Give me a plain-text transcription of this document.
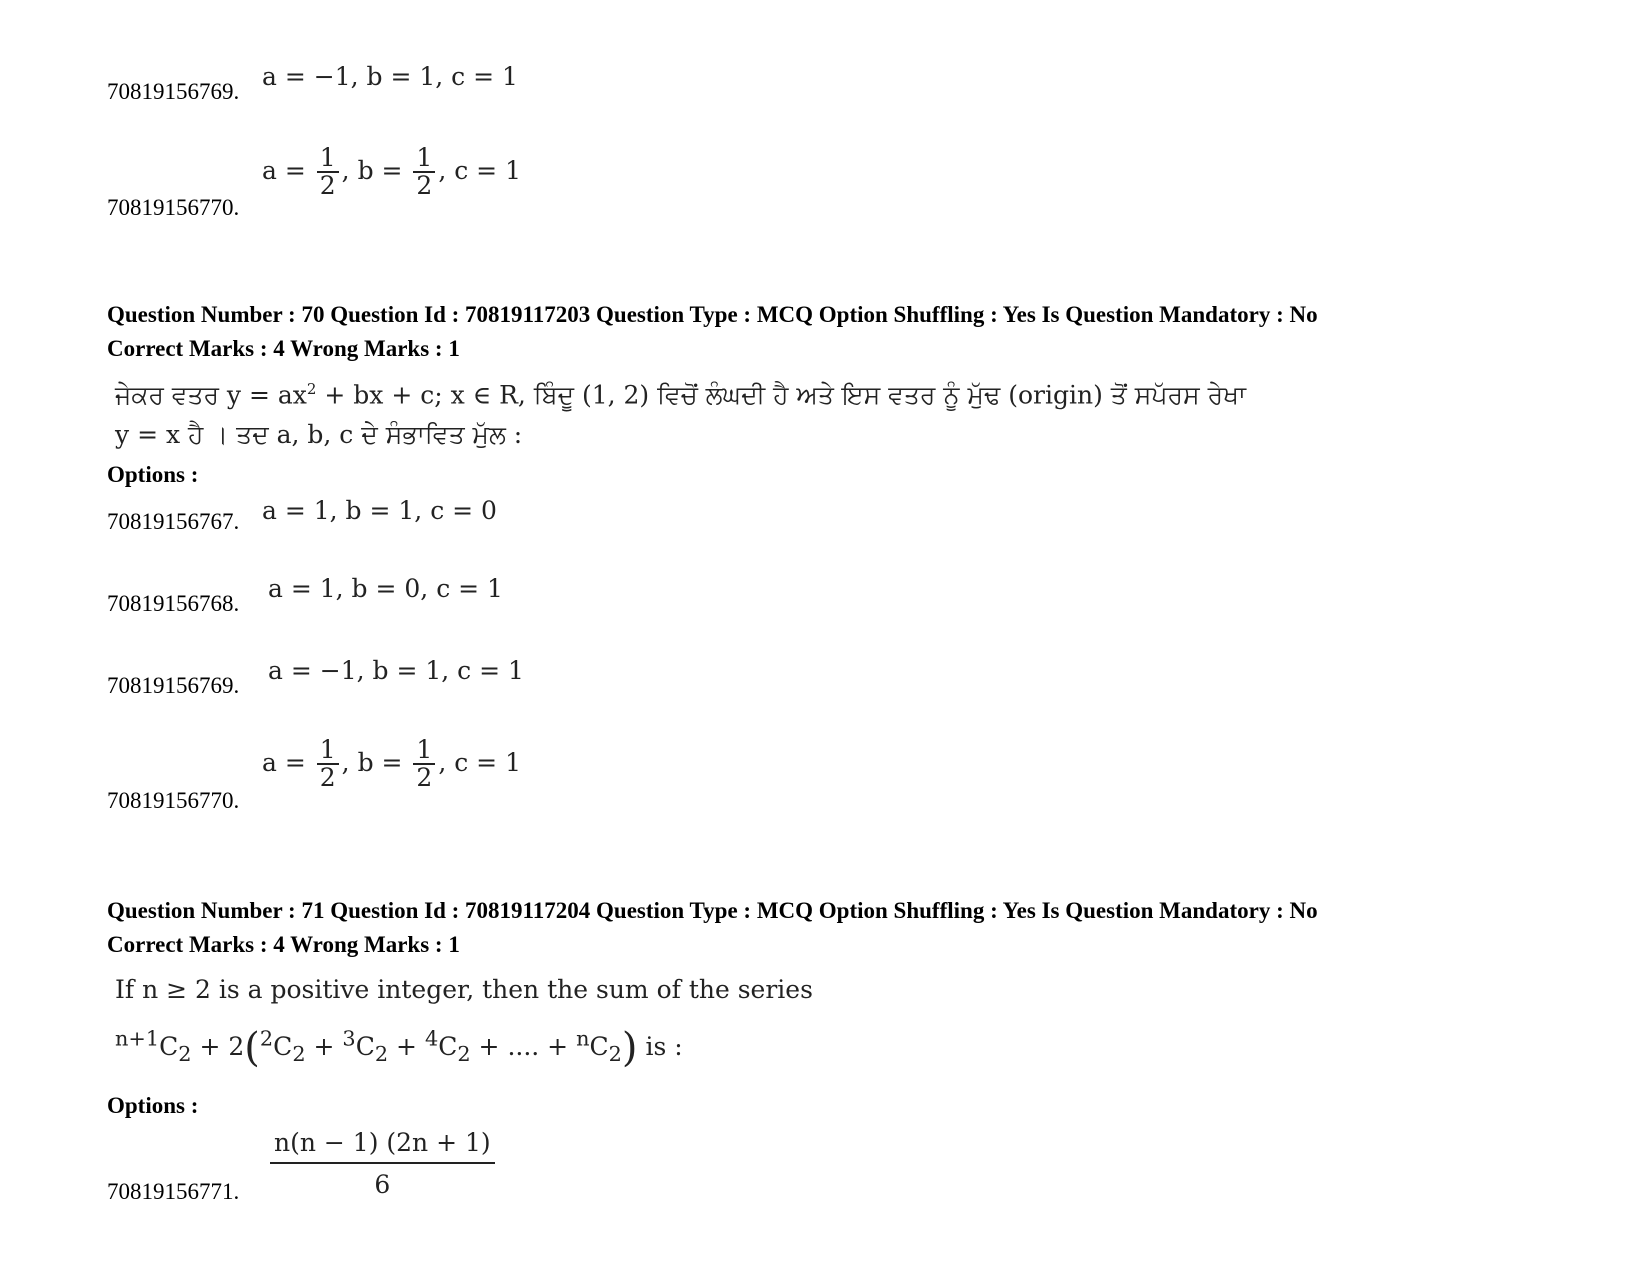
70819156769.
a = −1, b = 1, c = 1
70819156770.
$a = \frac{1}{2}$ , $b = \frac{1}{2}$ , c = 1
Question Number : 70 Question Id : 70819117203 Question Type : MCQ Option Shuffling : Yes Is Question Mandatory : No
Correct Marks : 4 Wrong Marks : 1
ਜੇਕਰ ਵਤਰ $y = ax^2$ + bx + c; x ∈ R, ਬਿੰਦੂ (1, 2) ਵਿਚੋਂ ਲੰਘਦੀ ਹੈ ਅਤੇ ਇਸ ਵਤਰ ਨੂੰ ਮੁੱਢ (origin) ਤੋਂ ਸਪੱਰਸ ਰੇਖਾ
y = x ਹੈ । ਤਦ a, b, c ਦੇ ਸੰਭਾਵਿਤ ਮੁੱਲ :
Options :
70819156767. a = 1, b = 1, c = 0
70819156768.
a = 1, b = 0, c = 1
70819156769.
a = −1, b = 1, c = 1
70819156770.
$a = \frac{1}{2}$ , $b = \frac{1}{2}$ , c = 1
Question Number : 71 Question Id : 70819117204 Question Type : MCQ Option Shuffling : Yes Is Question Mandatory : No
Correct Marks : 4 Wrong Marks : 1
If n ≥ 2 is a positive integer, then the sum of the series
$^{n+1}C_2 + 2(^2C_2 + ^3C_2 + ^4C_2$ + .... + $^nC_2$) is :
Options :
70819156771. $\frac{n(n - 1) (2n + 1)}{6}$
